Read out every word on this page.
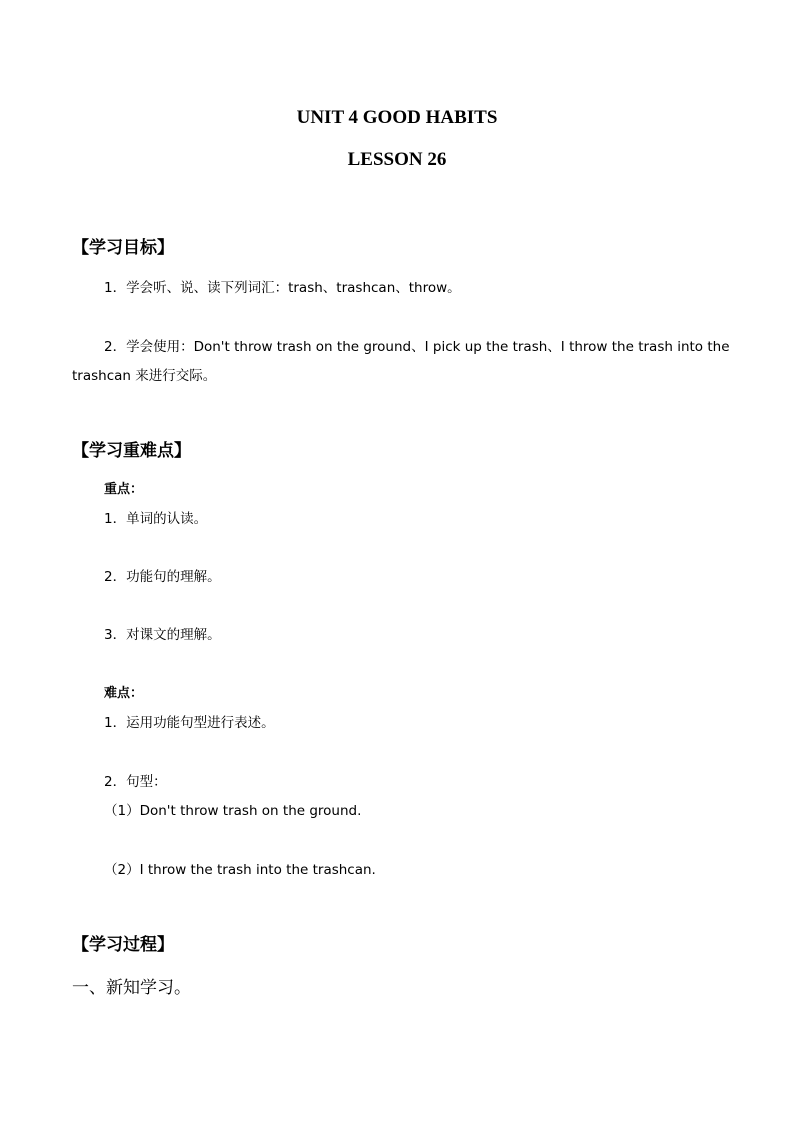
UNIT 4 GOOD HABITS
LESSON 26
【学习目标】
1．学会听、说、读下列词汇：trash、trashcan、throw。
2．学会使用：Don't throw trash on the ground、I pick up the trash、I throw the trash into the
trashcan 来进行交际。
【学习重难点】
重点：
1．单词的认读。
2．功能句的理解。
3．对课文的理解。
难点：
1．运用功能句型进行表述。
2．句型：
（1）Don't throw trash on the ground.
（2）I throw the trash into the trashcan.
【学习过程】
一、新知学习。
